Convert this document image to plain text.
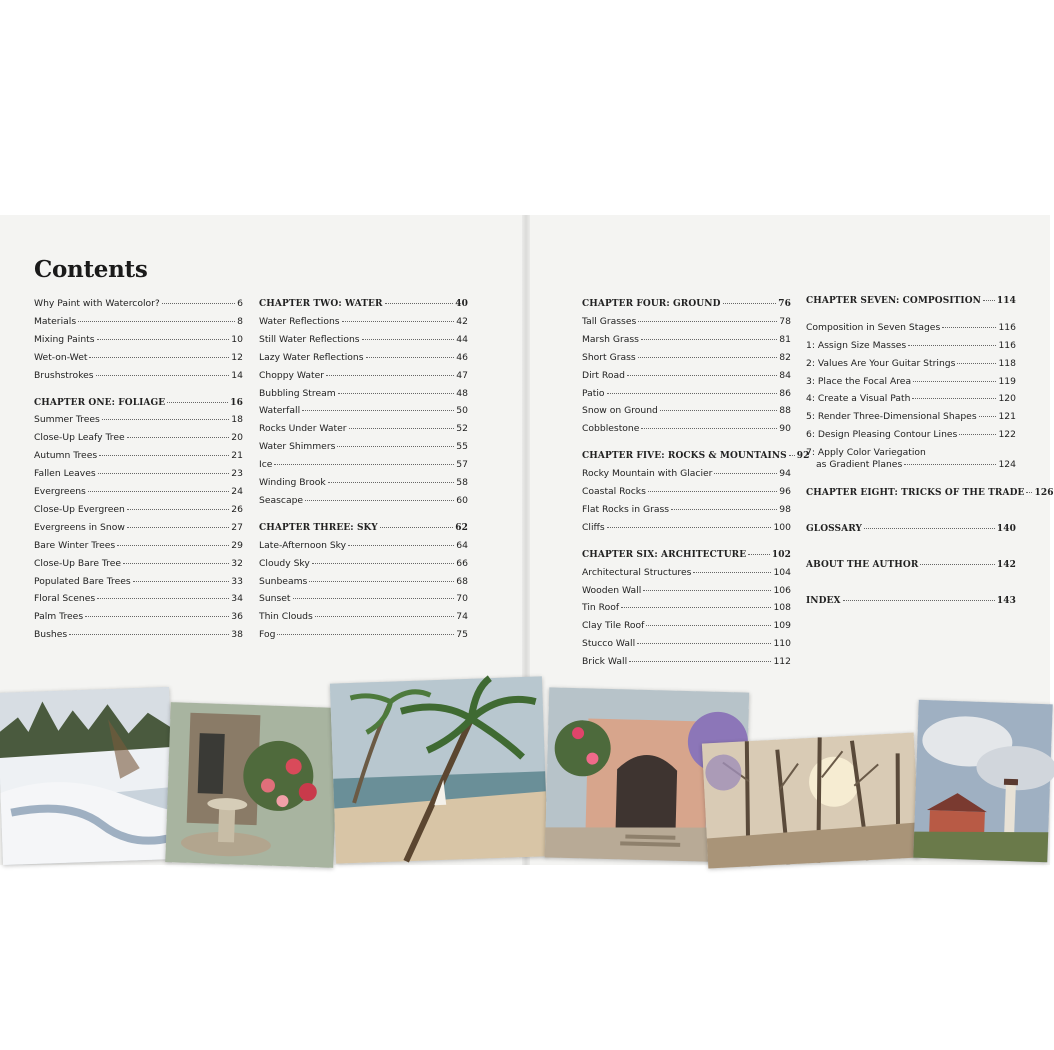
Contents
Why Paint with Watercolor?	6
Materials	8
Mixing Paints	10
Wet-on-Wet	12
Brushstrokes	14
CHAPTER ONE: FOLIAGE	16
Summer Trees	18
Close-Up Leafy Tree	20
Autumn Trees	21
Fallen Leaves	23
Evergreens	24
Close-Up Evergreen	26
Evergreens in Snow	27
Bare Winter Trees	29
Close-Up Bare Tree	32
Populated Bare Trees	33
Floral Scenes	34
Palm Trees	36
Bushes	38
CHAPTER TWO: WATER	40
Water Reflections	42
Still Water Reflections	44
Lazy Water Reflections	46
Choppy Water	47
Bubbling Stream	48
Waterfall	50
Rocks Under Water	52
Water Shimmers	55
Ice	57
Winding Brook	58
Seascape	60
CHAPTER THREE: SKY	62
Late-Afternoon Sky	64
Cloudy Sky	66
Sunbeams	68
Sunset	70
Thin Clouds	74
Fog	75
CHAPTER FOUR: GROUND	76
Tall Grasses	78
Marsh Grass	81
Short Grass	82
Dirt Road	84
Patio	86
Snow on Ground	88
Cobblestone	90
CHAPTER FIVE: ROCKS & MOUNTAINS 92
Rocky Mountain with Glacier	94
Coastal Rocks	96
Flat Rocks in Grass	98
Cliffs	100
CHAPTER SIX: ARCHITECTURE	102
Architectural Structures	104
Wooden Wall	106
Tin Roof	108
Clay Tile Roof	109
Stucco Wall	110
Brick Wall	112
CHAPTER SEVEN: COMPOSITION 114
Composition in Seven Stages	116
1: Assign Size Masses	116
2: Values Are Your Guitar Strings	118
3: Place the Focal Area	119
4: Create a Visual Path	120
5: Render Three-Dimensional Shapes 121
6: Design Pleasing Contour Lines	122
7: Apply Color Variegation
as Gradient Planes	124
CHAPTER EIGHT: TRICKS OF THE TRADE 126
GLOSSARY	140
ABOUT THE AUTHOR	142
INDEX	143
